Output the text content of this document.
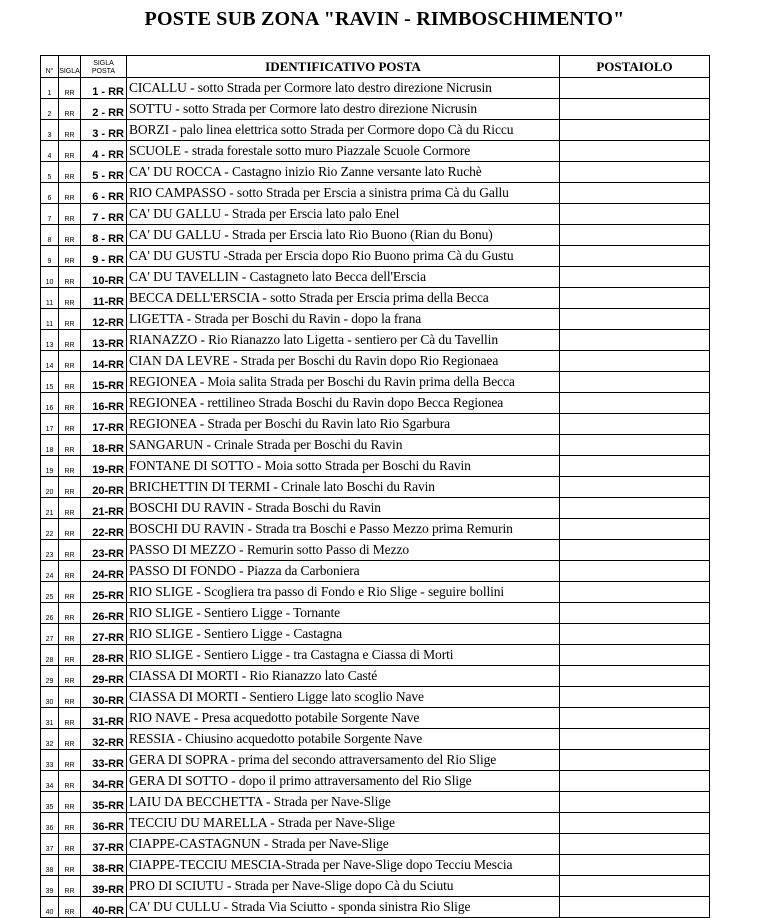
POSTE SUB ZONA "RAVIN - RIMBOSCHIMENTO"
N°	SIGLA	SIGLA POSTA	IDENTIFICATIVO POSTA	POSTAIOLO
1	RR	1 - RR	CICALLU - sotto Strada per Cormore lato destro direzione Nicrusin	
2	RR	2 - RR	SOTTU - sotto Strada per Cormore lato destro direzione Nicrusin	
3	RR	3 - RR	BORZI - palo linea elettrica sotto Strada per Cormore dopo Cà du Riccu	
4	RR	4 - RR	SCUOLE - strada forestale sotto muro Piazzale Scuole Cormore	
5	RR	5 - RR	CA' DU ROCCA - Castagno inizio Rio Zanne versante lato Ruchè	
6	RR	6 - RR	RIO CAMPASSO - sotto Strada per Erscia a sinistra prima Cà du Gallu	
7	RR	7 - RR	CA' DU GALLU - Strada per Erscia lato palo Enel	
8	RR	8 - RR	CA' DU GALLU - Strada per Erscia lato Rio Buono (Rian du Bonu)	
9	RR	9 - RR	CA' DU GUSTU -Strada per Erscia dopo Rio Buono prima Cà du Gustu	
10	RR	10-RR	CA' DU TAVELLIN - Castagneto lato Becca dell'Erscia	
11	RR	11-RR	BECCA DELL'ERSCIA - sotto Strada per Erscia prima della Becca	
11	RR	12-RR	LIGETTA - Strada per Boschi du Ravin - dopo la frana	
13	RR	13-RR	RIANAZZO - Rio Rianazzo lato Ligetta - sentiero per Cà du Tavellin	
14	RR	14-RR	CIAN DA LEVRE - Strada per Boschi du Ravin dopo Rio Regionaea	
15	RR	15-RR	REGIONEA - Moia salita Strada per Boschi du Ravin prima della Becca	
16	RR	16-RR	REGIONEA - rettilineo Strada Boschi du Ravin dopo Becca Regionea	
17	RR	17-RR	REGIONEA - Strada per Boschi du Ravin lato Rio Sgarbura	
18	RR	18-RR	SANGARUN - Crinale Strada per Boschi du Ravin	
19	RR	19-RR	FONTANE DI SOTTO - Moia sotto Strada per Boschi du Ravin	
20	RR	20-RR	BRICHETTIN DI TERMI - Crinale lato Boschi du Ravin	
21	RR	21-RR	BOSCHI DU RAVIN - Strada Boschi du Ravin	
22	RR	22-RR	BOSCHI DU RAVIN - Strada tra Boschi e Passo Mezzo prima Remurin	
23	RR	23-RR	PASSO DI MEZZO - Remurin sotto Passo di Mezzo	
24	RR	24-RR	PASSO DI FONDO - Piazza da Carboniera	
25	RR	25-RR	RIO SLIGE - Scogliera tra passo di Fondo e Rio Slige - seguire bollini	
26	RR	26-RR	RIO SLIGE - Sentiero Ligge - Tornante	
27	RR	27-RR	RIO SLIGE - Sentiero Ligge - Castagna	
28	RR	28-RR	RIO SLIGE - Sentiero Ligge - tra Castagna e Ciassa di Morti	
29	RR	29-RR	CIASSA DI MORTI - Rio Rianazzo lato Casté	
30	RR	30-RR	CIASSA DI MORTI - Sentiero Ligge lato scoglio Nave	
31	RR	31-RR	RIO NAVE - Presa acquedotto potabile Sorgente Nave	
32	RR	32-RR	RESSIA - Chiusino acquedotto potabile Sorgente Nave	
33	RR	33-RR	GERA DI SOPRA - prima del secondo attraversamento del Rio Slige	
34	RR	34-RR	GERA DI SOTTO - dopo il primo attraversamento del Rio Slige	
35	RR	35-RR	LAIU DA BECCHETTA - Strada per Nave-Slige	
36	RR	36-RR	TECCIU DU MARELLA - Strada per Nave-Slige	
37	RR	37-RR	CIAPPE-CASTAGNUN - Strada per Nave-Slige	
38	RR	38-RR	CIAPPE-TECCIU MESCIA-Strada per Nave-Slige dopo Tecciu Mescia	
39	RR	39-RR	PRO DI SCIUTU - Strada per Nave-Slige dopo Cà du Sciutu	
40	RR	40-RR	CA' DU CULLU - Strada Via Sciutto - sponda sinistra Rio Slige	
